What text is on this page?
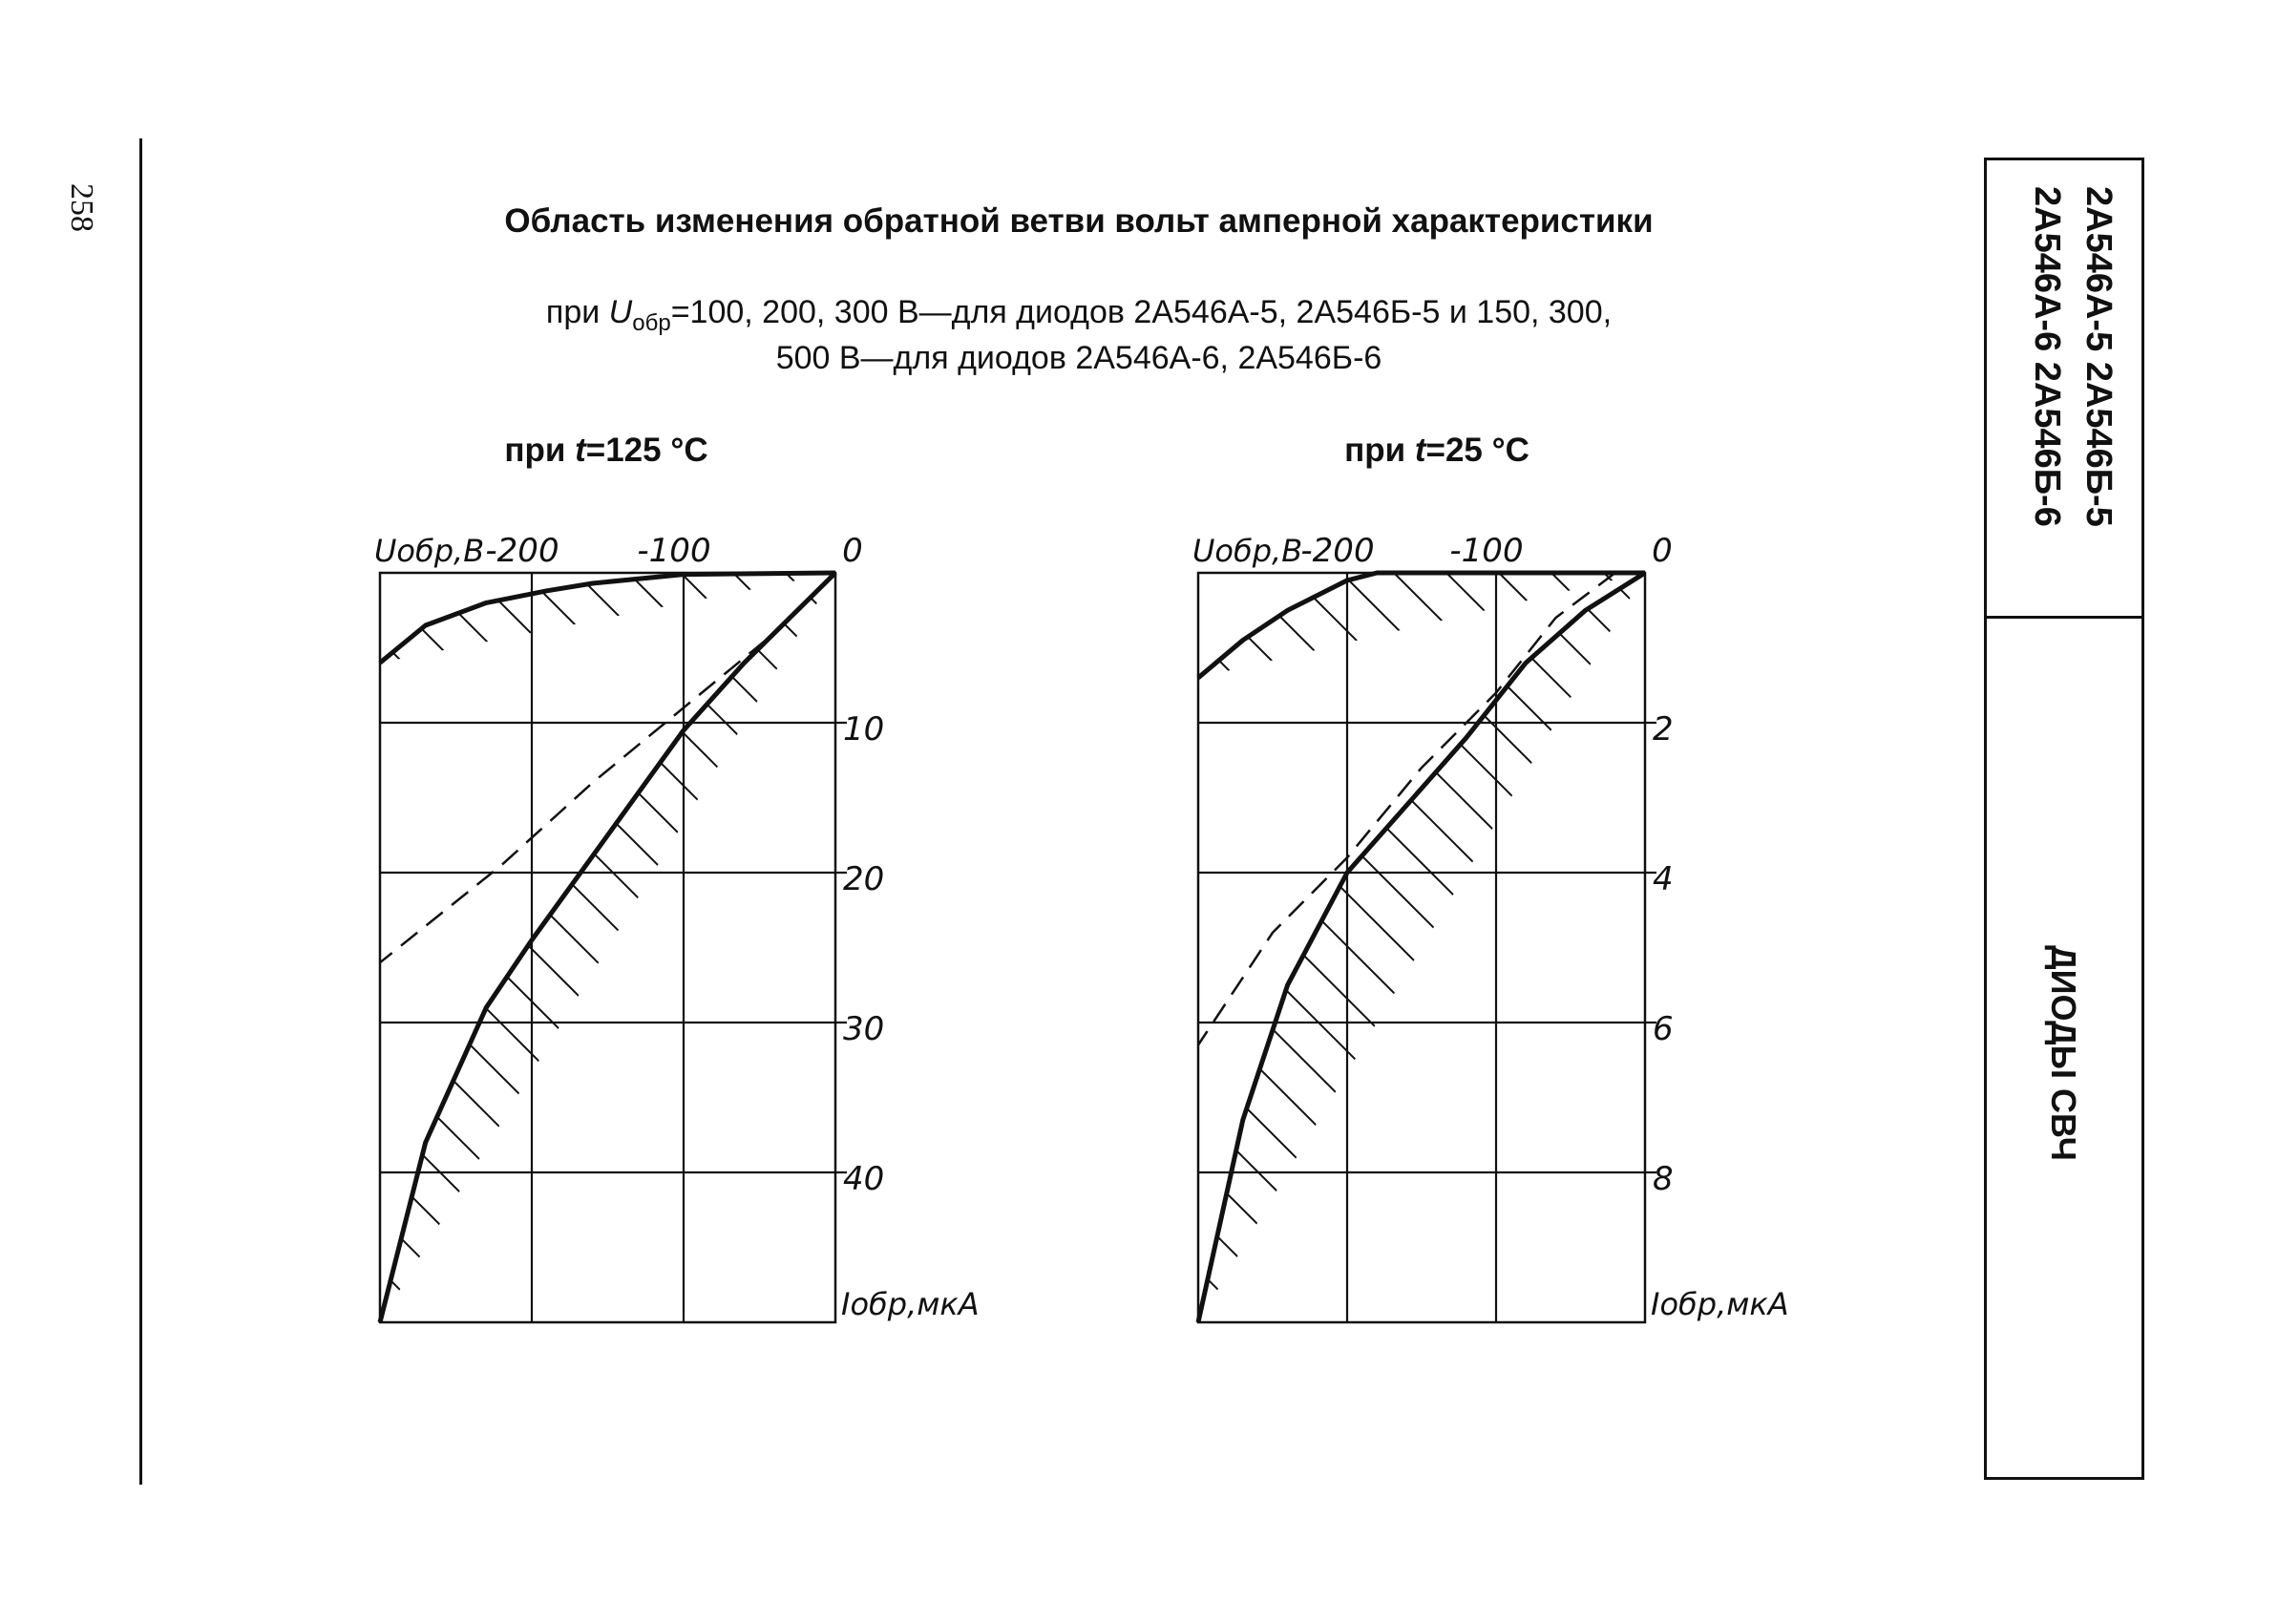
258	Область изменения обратной ветви вольт амперной характеристики
при $U_{обр}=100$, 200, 300 В—для диодов 2А546А-5, 2А546Б-5 и 150, 300,
500 В—для диодов 2А546А-6, 2А546Б-6
при t=125 °C	при t=25 °C
-200 -100	0
Uобр,В
10
20
30
40
Iобр,мкА
-200 -100	0
Uобр,В
2
4
6
8
Iобр,мкА
2А546А-5 2А546Б-5
2А546А-6 2А546Б-6
ДИОДЫ СВЧ
